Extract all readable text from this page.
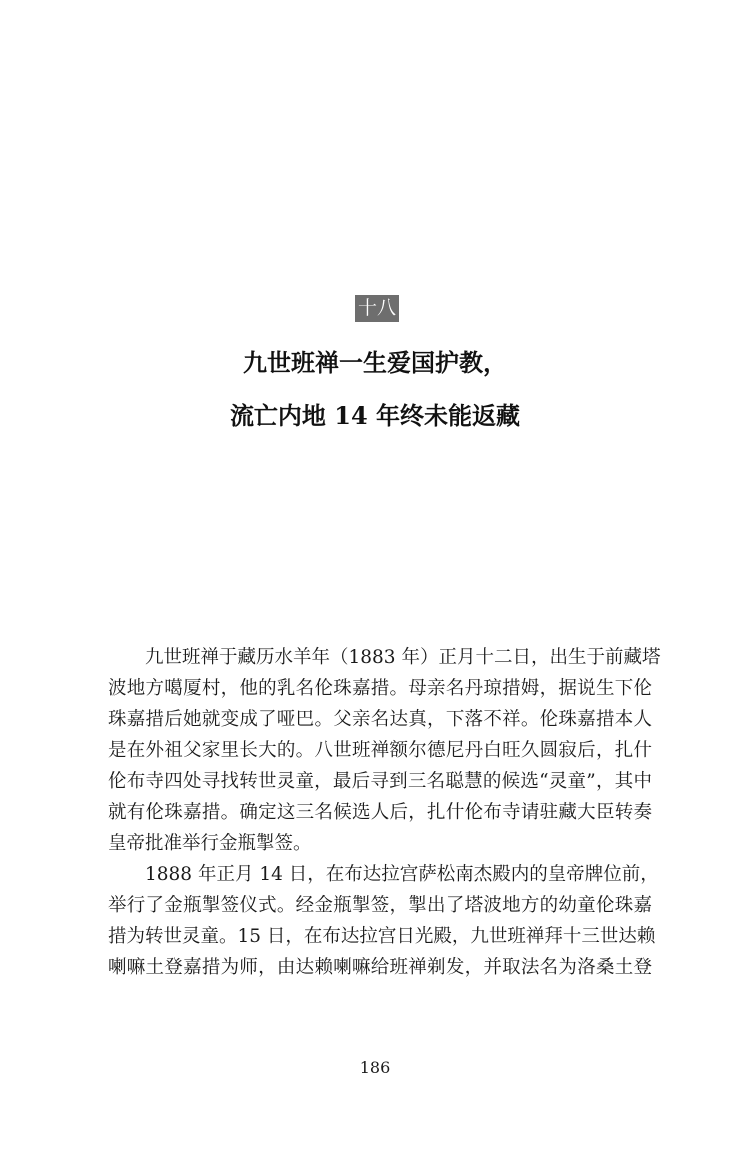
十八
九世班禅一生爱国护教，
流亡内地 14 年终未能返藏
九世班禅于藏历水羊年（1883 年）正月十二日，出生于前藏塔
波地方噶厦村，他的乳名伦珠嘉措。母亲名丹琼措姆，据说生下伦
珠嘉措后她就变成了哑巴。父亲名达真，下落不祥。伦珠嘉措本人
是在外祖父家里长大的。八世班禅额尔德尼丹白旺久圆寂后，扎什
伦布寺四处寻找转世灵童，最后寻到三名聪慧的候选“灵童”，其中
就有伦珠嘉措。确定这三名候选人后，扎什伦布寺请驻藏大臣转奏
皇帝批准举行金瓶掣签。
1888 年正月 14 日，在布达拉宫萨松南杰殿内的皇帝牌位前，
举行了金瓶掣签仪式。经金瓶掣签，掣出了塔波地方的幼童伦珠嘉
措为转世灵童。15 日，在布达拉宫日光殿，九世班禅拜十三世达赖
喇嘛土登嘉措为师，由达赖喇嘛给班禅剃发，并取法名为洛桑土登
186
